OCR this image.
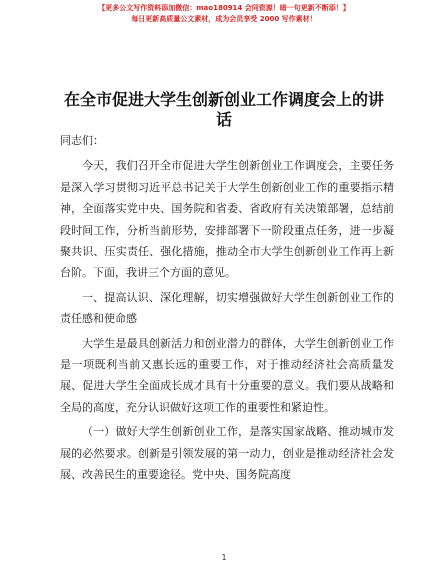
【更多公文写作资料添加微信：mao180914 会同资源！暗一句更新不断添！】
每日更新高质量公文素材，成为会员享受 2000 写作素材！
在全市促进大学生创新创业工作调度会上的讲话

同志们：

今天，我们召开全市促进大学生创新创业工作调度会，主要任务是深入学习贯彻习近平总书记关于大学生创新创业工作的重要指示精神，全面落实党中央、国务院和省委、省政府有关决策部署，总结前段时间工作，分析当前形势，安排部署下一阶段重点任务，进一步凝聚共识、压实责任、强化措施，推动全市大学生创新创业工作再上新台阶。下面，我讲三个方面的意见。

一、提高认识、深化理解，切实增强做好大学生创新创业工作的责任感和使命感

大学生是最具创新活力和创业潜力的群体，大学生创新创业工作是一项既利当前又惠长远的重要工作，对于推动经济社会高质量发展、促进大学生全面成长成才具有十分重要的意义。我们要从战略和全局的高度，充分认识做好这项工作的重要性和紧迫性。

（一）做好大学生创新创业工作，是落实国家战略、推动城市发展的必然要求。创新是引领发展的第一动力，创业是推动经济社会发展、改善民生的重要途径。党中央、国务院高度

1
